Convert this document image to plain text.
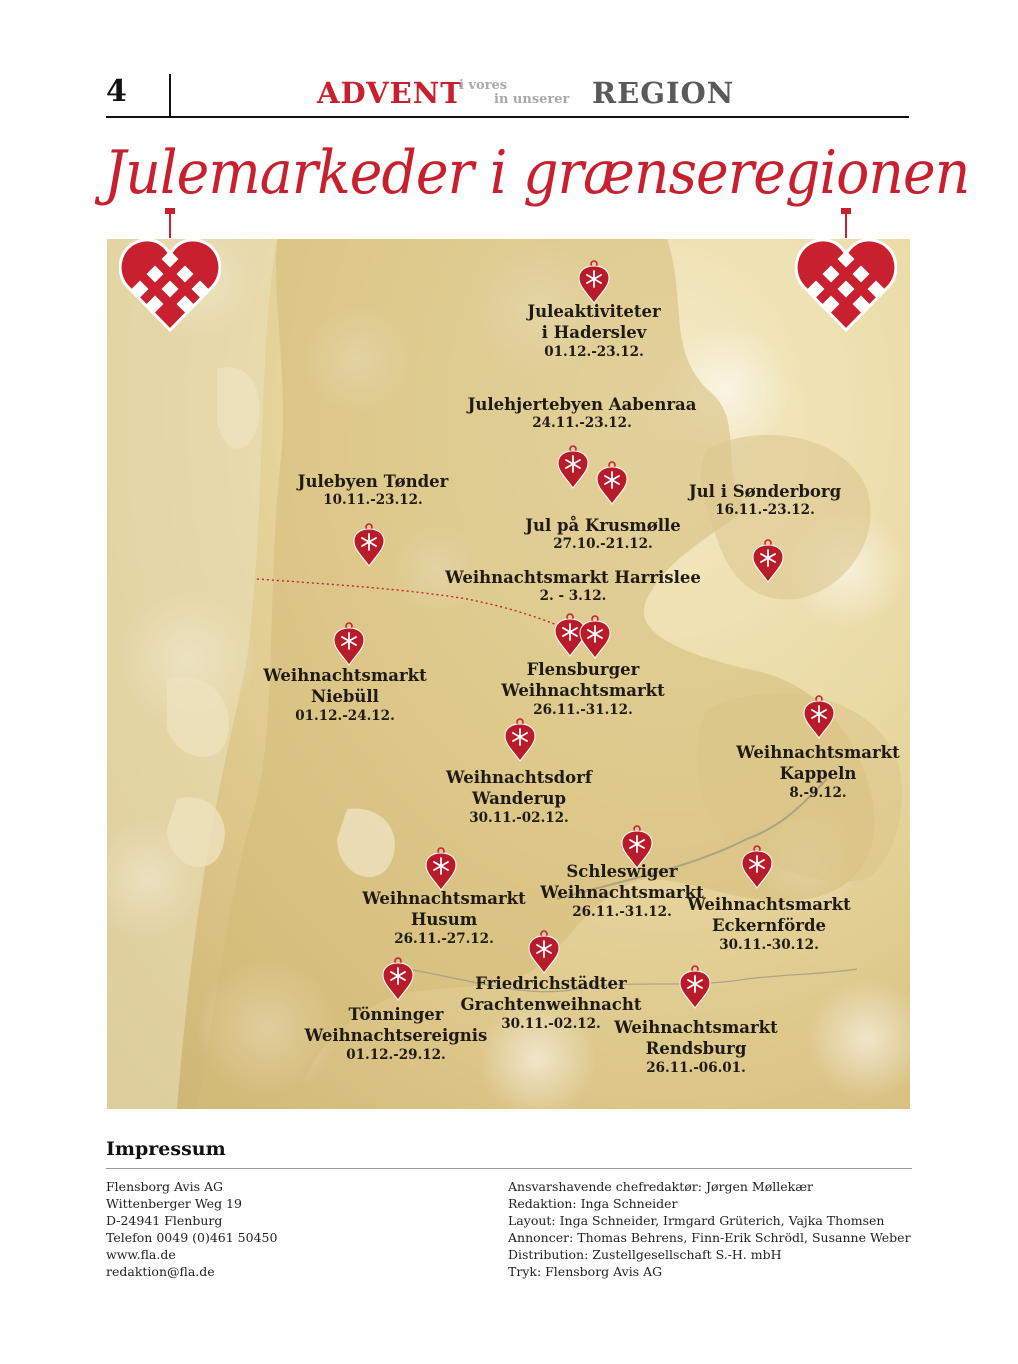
4	ADVENT
i vores
in unserer REGION
Julemarkeder i grænseregionen
Juleaktiviteter
i Haderslev
01.12.-23.12.
Julehjertebyen Aabenraa
24.11.-23.12.
Julebyen Tønder
10.11.-23.12.
Jul på Krusmølle
27.10.-21.12.
Jul i Sønderborg
16.11.-23.12.
Weihnachtsmarkt Harrislee
2. - 3.12.
Weihnachtsmarkt
Niebüll
01.12.-24.12.
Flensburger
Weihnachtsmarkt
26.11.-31.12.
Weihnachtsdorf
Wanderup
30.11.-02.12.
Weihnachtsmarkt
Kappeln
8.-9.12.
Schleswiger
Weihnachtsmarkt
26.11.-31.12.
Weihnachtsmarkt
Husum
26.11.-27.12.
Weihnachtsmarkt
Eckernförde
30.11.-30.12.
Friedrichstädter
Grachtenweihnacht
30.11.-02.12.
Tönninger
Weihnachtsereignis
01.12.-29.12.
Weihnachtsmarkt
Rendsburg
26.11.-06.01.
Impressum
Flensborg Avis AG
Wittenberger Weg 19
D-24941 Flenburg
Telefon 0049 (0)461 50450
www.fla.de
redaktion@fla.de
Ansvarshavende chefredaktør: Jørgen Møllekær
Redaktion: Inga Schneider
Layout: Inga Schneider, Irmgard Grüterich, Vajka Thomsen
Annoncer: Thomas Behrens, Finn-Erik Schrödl, Susanne Weber
Distribution: Zustellgesellschaft S.-H. mbH
Tryk: Flensborg Avis AG
